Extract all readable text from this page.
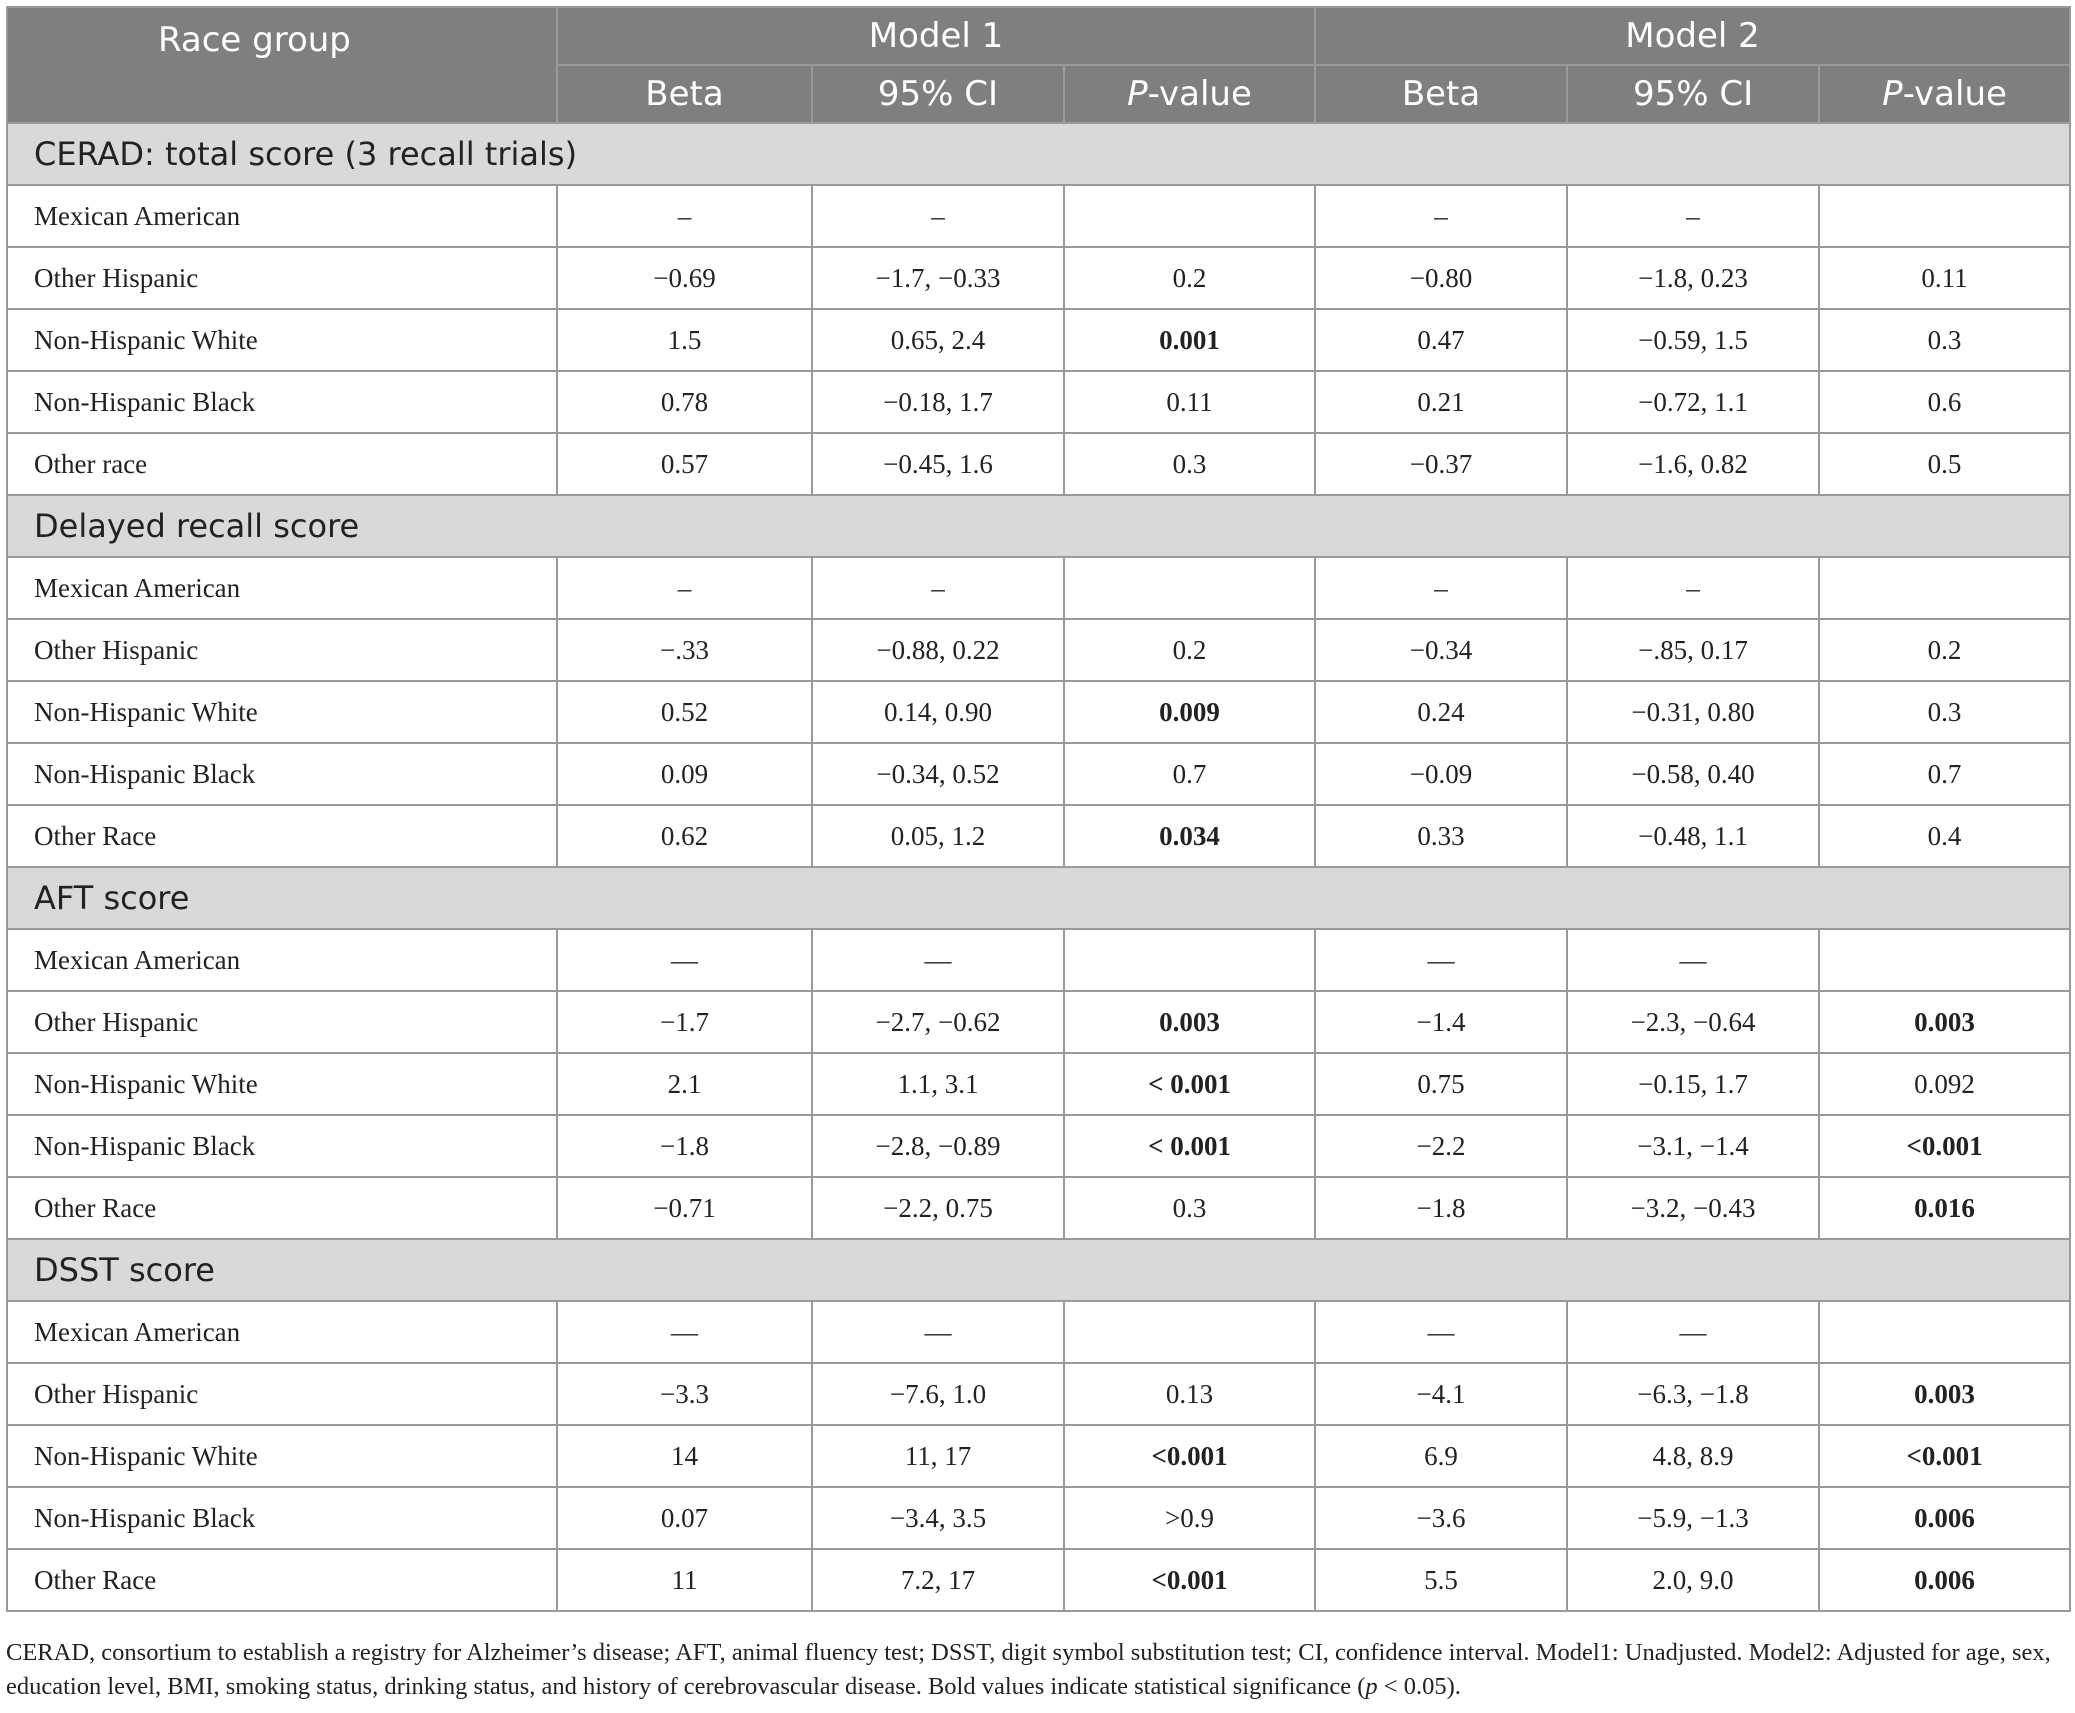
Race group	Model 1			Model 2		
	Beta	95% CI	P-value	Beta	95% CI	P-value
CERAD: total score (3 recall trials)						
Mexican American	–	–		–	–	
Other Hispanic	−0.69	−1.7, −0.33	0.2	−0.80	−1.8, 0.23	0.11
Non-Hispanic White	1.5	0.65, 2.4	0.001	0.47	−0.59, 1.5	0.3
Non-Hispanic Black	0.78	−0.18, 1.7	0.11	0.21	−0.72, 1.1	0.6
Other race	0.57	−0.45, 1.6	0.3	−0.37	−1.6, 0.82	0.5
Delayed recall score						
Mexican American	–	–		–	–	
Other Hispanic	−.33	−0.88, 0.22	0.2	−0.34	−.85, 0.17	0.2
Non-Hispanic White	0.52	0.14, 0.90	0.009	0.24	−0.31, 0.80	0.3
Non-Hispanic Black	0.09	−0.34, 0.52	0.7	−0.09	−0.58, 0.40	0.7
Other Race	0.62	0.05, 1.2	0.034	0.33	−0.48, 1.1	0.4
AFT score						
Mexican American	—	—		—	—	
Other Hispanic	−1.7	−2.7, −0.62	0.003	−1.4	−2.3, −0.64	0.003
Non-Hispanic White	2.1	1.1, 3.1	< 0.001	0.75	−0.15, 1.7	0.092
Non-Hispanic Black	−1.8	−2.8, −0.89	< 0.001	−2.2	−3.1, −1.4	<0.001
Other Race	−0.71	−2.2, 0.75	0.3	−1.8	−3.2, −0.43	0.016
DSST score						
Mexican American	—	—		—	—	
Other Hispanic	−3.3	−7.6, 1.0	0.13	−4.1	−6.3, −1.8	0.003
Non-Hispanic White	14	11, 17	<0.001	6.9	4.8, 8.9	<0.001
Non-Hispanic Black	0.07	−3.4, 3.5	>0.9	−3.6	−5.9, −1.3	0.006
Other Race	11	7.2, 17	<0.001	5.5	2.0, 9.0	0.006
CERAD, consortium to establish a registry for Alzheimer’s disease; AFT, animal fluency test; DSST, digit symbol substitution test; CI, confidence interval. Model1: Unadjusted. Model2: Adjusted for age, sex, education level, BMI, smoking status, drinking status, and history of cerebrovascular disease. Bold values indicate statistical significance (p < 0.05).
